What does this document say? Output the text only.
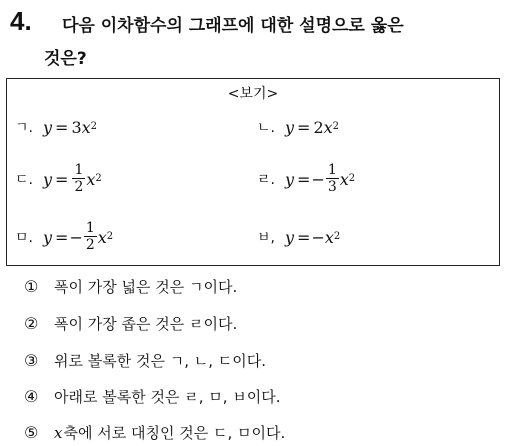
4. 다음 이차함수의 그래프에 대한 설명으로 옳은
것은?
<보기>
ㄱ. y = 3 x 2	ㄴ. y = 2 x 2
ㄷ. $y = \frac{1}{2}$ x 2	ㄹ. y = − $\frac{1}{3}$ x 2
ㅁ. y = − $\frac{1}{2}$ x 2	ㅂ, y = − x 2
①	폭이 가장 넓은 것은 ㄱ이다.
②	폭이 가장 좁은 것은 ㄹ이다.
③	위로 볼록한 것은 ㄱ, ㄴ, ㄷ이다.
④	아래로 볼록한 것은 ㄹ, ㅁ, ㅂ이다.
⑤	x 축에 서로 대칭인 것은 ㄷ, ㅁ이다.
